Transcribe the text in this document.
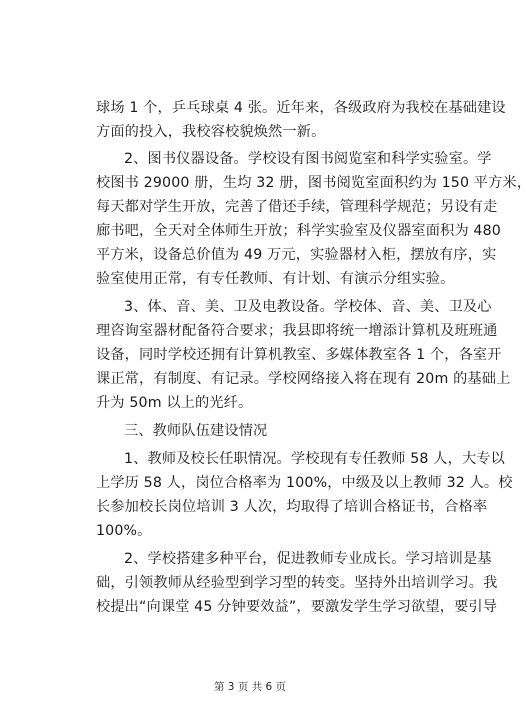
球场 1 个，乒乓球桌 4 张。近年来，各级政府为我校在基础建设
方面的投入，我校容校貌焕然一新。
2、图书仪器设备。学校设有图书阅览室和科学实验室。学
校图书 29000 册，生均 32 册，图书阅览室面积约为 150 平方米，
每天都对学生开放，完善了借还手续，管理科学规范；另设有走
廊书吧，全天对全体师生开放；科学实验室及仪器室面积为 480
平方米，设备总价值为 49 万元，实验器材入柜，摆放有序，实
验室使用正常，有专任教师、有计划、有演示分组实验。
3、体、音、美、卫及电教设备。学校体、音、美、卫及心
理咨询室器材配备符合要求；我县即将统一增添计算机及班班通
设备，同时学校还拥有计算机教室、多媒体教室各 1 个，各室开
课正常，有制度、有记录。学校网络接入将在现有 20m 的基础上
升为 50m 以上的光纤。
三、教师队伍建设情况
1、教师及校长任职情况。学校现有专任教师 58 人，大专以
上学历 58 人，岗位合格率为 100%，中级及以上教师 32 人。校
长参加校长岗位培训 3 人次，均取得了培训合格证书，合格率
100%。
2、学校搭建多种平台，促进教师专业成长。学习培训是基
础，引领教师从经验型到学习型的转变。坚持外出培训学习。我
校提出“向课堂 45 分钟要效益”，要激发学生学习欲望，要引导
第 3 页 共 6 页
